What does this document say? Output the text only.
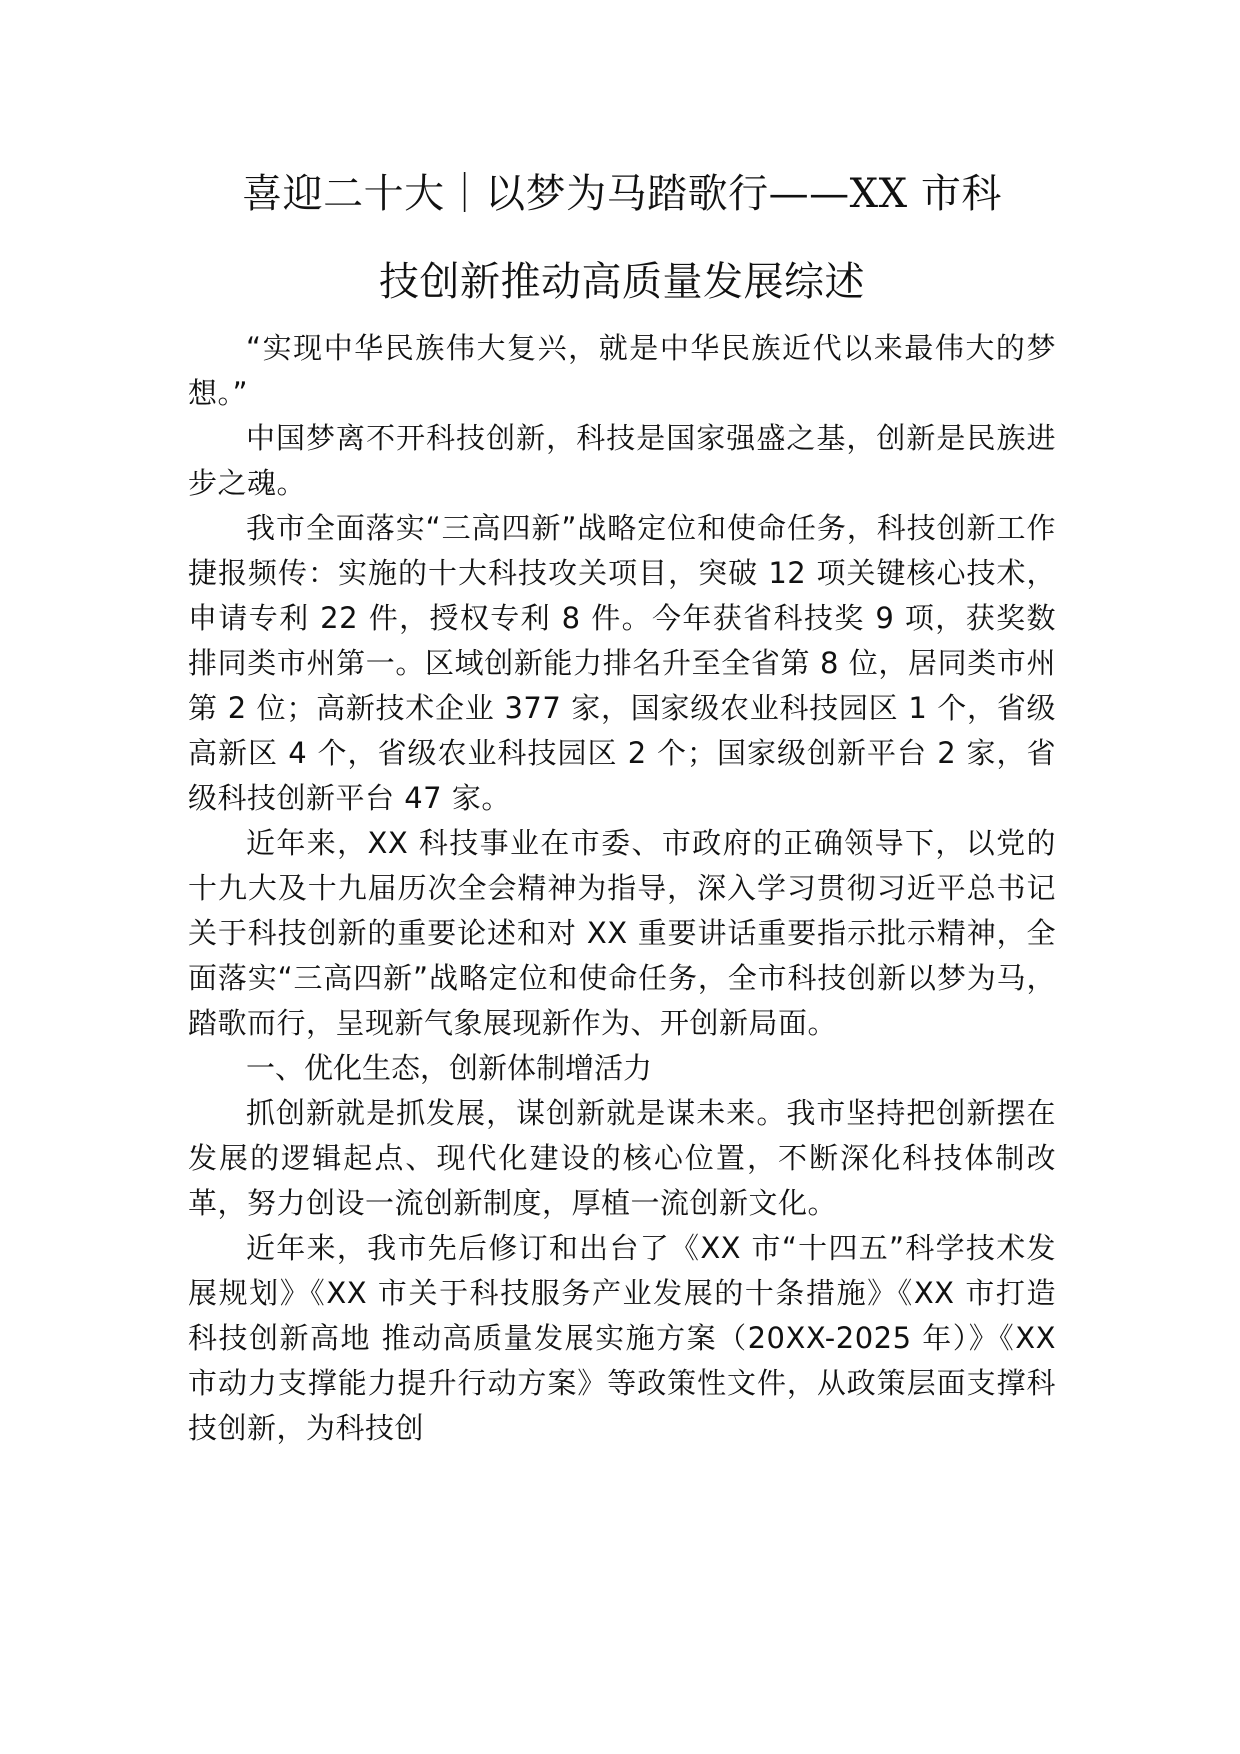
喜迎二十大｜以梦为马踏歌行——XX 市科
技创新推动高质量发展综述

“实现中华民族伟大复兴，就是中华民族近代以来最伟大的梦想。”

中国梦离不开科技创新，科技是国家强盛之基，创新是民族进步之魂。

我市全面落实“三高四新”战略定位和使命任务，科技创新工作捷报频传：实施的十大科技攻关项目，突破 12 项关键核心技术，申请专利 22 件，授权专利 8 件。今年获省科技奖 9 项，获奖数排同类市州第一。区域创新能力排名升至全省第 8 位，居同类市州第 2 位；高新技术企业 377 家，国家级农业科技园区 1 个，省级高新区 4 个，省级农业科技园区 2 个；国家级创新平台 2 家，省级科技创新平台 47 家。

近年来，XX 科技事业在市委、市政府的正确领导下，以党的十九大及十九届历次全会精神为指导，深入学习贯彻习近平总书记关于科技创新的重要论述和对 XX 重要讲话重要指示批示精神，全面落实“三高四新”战略定位和使命任务，全市科技创新以梦为马，踏歌而行，呈现新气象展现新作为、开创新局面。

一、优化生态，创新体制增活力

抓创新就是抓发展，谋创新就是谋未来。我市坚持把创新摆在发展的逻辑起点、现代化建设的核心位置，不断深化科技体制改革，努力创设一流创新制度，厚植一流创新文化。

近年来，我市先后修订和出台了《XX 市“十四五”科学技术发展规划》《XX 市关于科技服务产业发展的十条措施》《XX 市打造科技创新高地 推动高质量发展实施方案（20XX-2025 年）》《XX 市动力支撑能力提升行动方案》等政策性文件，从政策层面支撑科技创新，为科技创
